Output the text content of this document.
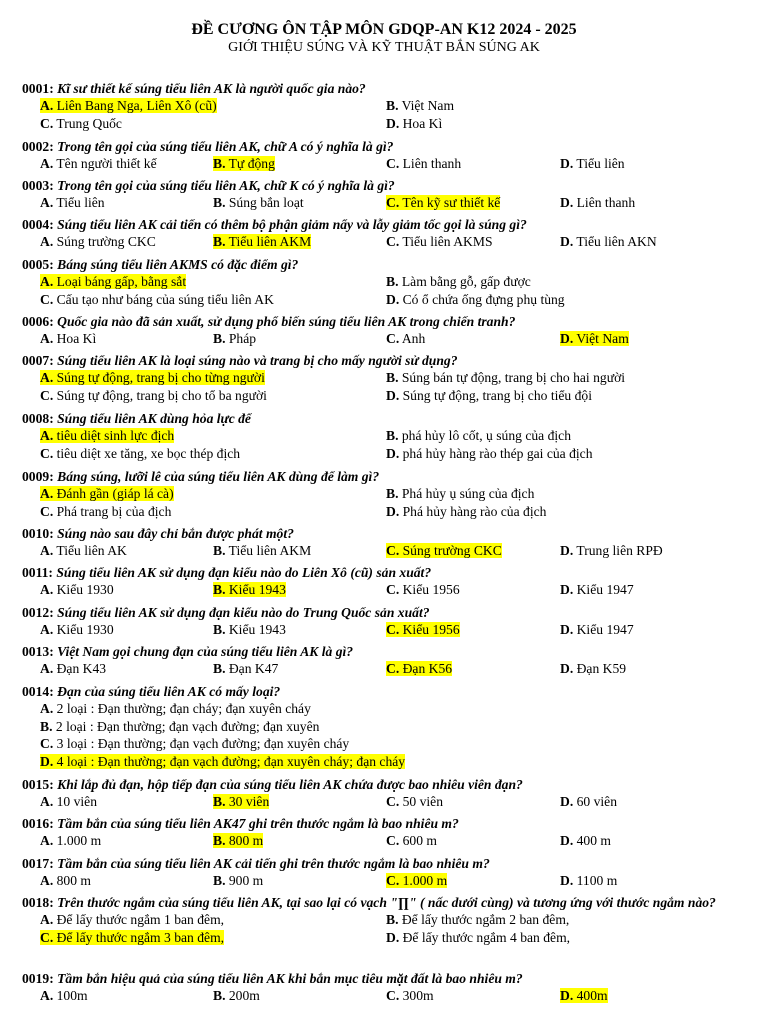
ĐỀ CƯƠNG ÔN TẬP MÔN GDQP-AN K12 2024 - 2025
GIỚI THIỆU SÚNG VÀ KỸ THUẬT BẮN SÚNG AK
0001: Kĩ sư thiết kế súng tiểu liên AK là người quốc gia nào?
A. Liên Bang Nga, Liên Xô (cũ)	B. Việt Nam
C. Trung Quốc	D. Hoa Kì
0002: Trong tên gọi của súng tiểu liên AK, chữ A có ý nghĩa là gì?
A. Tên người thiết kế	B. Tự động	C. Liên thanh	D. Tiểu liên
0003: Trong tên gọi của súng tiểu liên AK, chữ K có ý nghĩa là gì?
A. Tiểu liên	B. Súng bắn loạt	C. Tên kỹ sư thiết kế	D. Liên thanh
0004: Súng tiểu liên AK cải tiến có thêm bộ phận giảm nẩy và lẫy giảm tốc gọi là súng gì?
A. Súng trường CKC	B. Tiểu liên AKM	C. Tiểu liên AKMS	D. Tiểu liên AKN
0005: Báng súng tiểu liên AKMS có đặc điểm gì?
A. Loại báng gấp, bằng sắt	B. Làm bằng gỗ, gấp được
C. Cấu tạo như báng của súng tiểu liên AK	D. Có ổ chứa ống đựng phụ tùng
0006: Quốc gia nào đã sản xuất, sử dụng phổ biến súng tiểu liên AK trong chiến tranh?
A. Hoa Kì	B. Pháp	C. Anh	D. Việt Nam
0007: Súng tiểu liên AK là loại súng nào và trang bị cho mấy người sử dụng?
A. Súng tự động, trang bị cho từng người	B. Súng bán tự động, trang bị cho hai người
C. Súng tự động, trang bị cho tổ ba người	D. Súng tự động, trang bị cho tiểu đội
0008: Súng tiểu liên AK dùng hỏa lực để
A. tiêu diệt sinh lực địch	B. phá hủy lô cốt, ụ súng của địch
C. tiêu diệt xe tăng, xe bọc thép địch	D. phá hủy hàng rào thép gai của địch
0009: Báng súng, lưỡi lê của súng tiểu liên AK dùng để làm gì?
A. Đánh gần (giáp lá cà)	B. Phá hủy ụ súng của địch
C. Phá trang bị của địch	D. Phá hủy hàng rào của địch
0010: Súng nào sau đây chỉ bắn được phát một?
A. Tiểu liên AK	B. Tiểu liên AKM	C. Súng trường CKC	D. Trung liên RPĐ
0011: Súng tiểu liên AK sử dụng đạn kiểu nào do Liên Xô (cũ) sản xuất?
A. Kiểu 1930	B. Kiểu 1943	C. Kiểu 1956	D. Kiểu 1947
0012: Súng tiểu liên AK sử dụng đạn kiểu nào do Trung Quốc sản xuất?
A. Kiểu 1930	B. Kiểu 1943	C. Kiểu 1956	D. Kiểu 1947
0013: Việt Nam gọi chung đạn của súng tiểu liên AK là gì?
A. Đạn K43	B. Đạn K47	C. Đạn K56	D. Đạn K59
0014: Đạn của súng tiểu liên AK có mấy loại?
A. 2 loại : Đạn thường; đạn cháy; đạn xuyên cháy
B. 2 loại : Đạn thường; đạn vạch đường; đạn xuyên
C. 3 loại : Đạn thường; đạn vạch đường; đạn xuyên cháy
D. 4 loại : Đạn thường; đạn vạch đường; đạn xuyên cháy; đạn cháy
0015: Khi lắp đủ đạn, hộp tiếp đạn của súng tiểu liên AK chứa được bao nhiêu viên đạn?
A. 10 viên	B. 30 viên	C. 50 viên	D. 60 viên
0016: Tầm bắn của súng tiểu liên AK47 ghi trên thước ngắm là bao nhiêu m?
A. 1.000 m	B. 800 m	C. 600 m	D. 400 m
0017: Tầm bắn của súng tiểu liên AK cải tiến ghi trên thước ngắm là bao nhiêu m?
A. 800 m	B. 900 m	C. 1.000 m	D. 1100 m
0018: Trên thước ngắm của súng tiểu liên AK, tại sao lại có vạch "∏" ( nấc dưới cùng) và tương ứng với thước ngắm nào?
A. Để lấy thước ngắm 1 ban đêm,	B. Để lấy thước ngắm 2 ban đêm,
C. Để lấy thước ngắm 3 ban đêm,	D. Để lấy thước ngắm 4 ban đêm,
0019: Tầm bắn hiệu quả của súng tiểu liên AK khi bắn mục tiêu mặt đất là bao nhiêu m?
A. 100m	B. 200m	C. 300m	D. 400m
